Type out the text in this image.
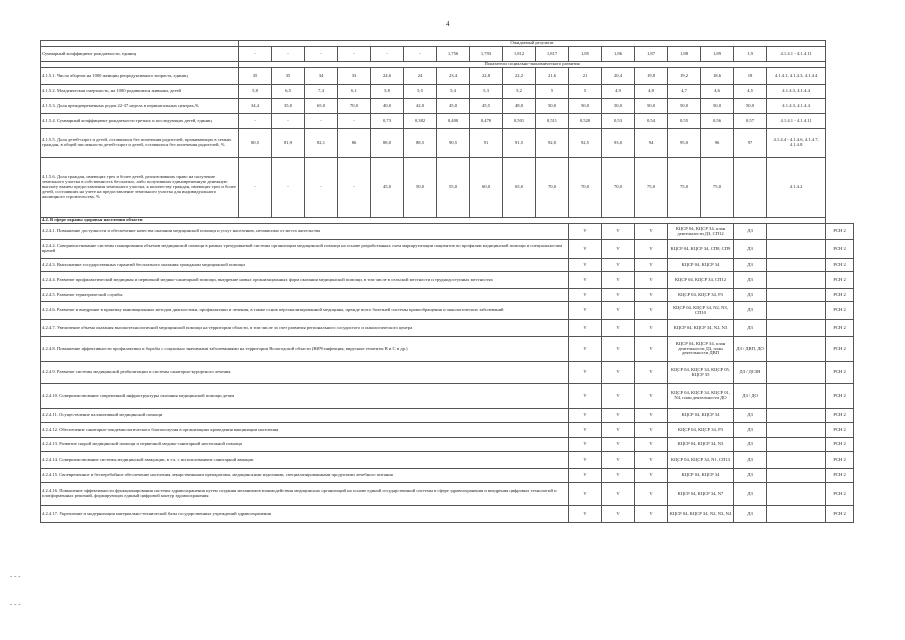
4
- - -
- - -
	Ожидаемый результат																	
Суммарный коэффициент рождаемости, единиц	-	-	-	-	-	-	1,756	1,793	1,812	1,817	1,85	1,86	1,87	1,88	1,89	1,9	4.1.4.1 - 4.1.4.11	
	Показатели социально-экономического развития																	
4.1.5.1. Число абортов на 1000 женщин репродуктивного возраста, единиц	35	35	34	33	24,6	24	23,4	22,8	22,2	21,6	21	20,4	19,8	19,2	18,6	18	4.1.4.1, 4.1.4.3, 4.1.4.4	
4.1.5.2. Младенческая смертность, на 1000 родившихся живыми, детей	5,8	6,5	7,4	6,1	5,8	5,5	5,4	5,3	5,2	5	5	4,9	4,8	4,7	4,6	4,5	4.1.4.3, 4.1.4.4	
4.1.5.3. Доля преждевременных родов 22-37 недель в перинатальных центрах,%	34,4	35,0	65,0	70,0	40,0	42,0	45,0	45,5	48,0	50,0	50,0	50,0	50,0	50,0	50,0	50,0	4.1.4.3, 4.1.4.4	
4.1.5.4. Суммарный коэффициент рождаемости третьих и последующих детей, единиц	-	-	-	-	0,73	0,382	0,400	0,470	0,501	0,511	0,520	0,53	0,54	0,55	0,56	0,57	4.1.4.1 - 4.1.4.11	
4.1.5.5. Доля детей-сирот и детей, оставшихся без попечения родителей, проживающих в семьях граждан, в общей численности детей-сирот и детей, оставшихся без попечения родителей, %	80,5	81,9	82,1	86	88,0	88,5	90,5	91	91,5	92,0	92,5	93,0	94	95,0	96	97	4.1.4.4 - 4.1.4.6, 4.1.4.7, 4.1.4.8	
4.1.5.6. Доля граждан, имеющих трех и более детей, реализовавших право на получение земельного участка в собственность бесплатно, либо получивших единовременную денежную выплату взамен предоставления земельного участка, к количеству граждан, имеющих трех и более детей, состоявших на учете на предоставление земельного участка для индивидуального жилищного строительства, %	-	-	-	-	45,0	50,0	55,0	60,0	65,0	70,0	70,0	70,0	75,0	75,0	75,0		4.1.4.2	
4.2. В сфере охраны здоровья населения области																		
4.2.4.1. Повышение доступности и обеспечение качества оказания медицинской помощи и услуг населению, независимо от места жительства											V	V	V	КЦСР 04, КЦСР 34, план деятельности ДЗ, СП12		ДЗ		РСН 2
4.2.4.2. Совершенствование системы планирования объемов медицинской помощи в рамках трехуровневой системы организации медицинской помощи на основе разработанных схем маршрутизации пациентов по профилям медицинской помощи и специальностям врачей											V	V	V	КЦСР 04, КЦСР 34, СП8, СП9		ДЗ		РСН 2
4.2.4.3. Выполнение государственных гарантий бесплатного оказания гражданам медицинской помощи											V	V	V	КЦСР 04, КЦСР 34		ДЗ		РСН 2
4.2.4.4. Развитие профилактической медицины и первичной медико-санитарной помощи, внедрение новых организационных форм оказания медицинской помощи, в том числе в сельской местности и труднодоступных местностях											V	V	V	КЦСР 04, КЦСР 34, СП12		ДЗ		РСН 2
4.2.4.5. Развитие гериатрической службы											V	V	V	КЦСР 04, КЦСР 34, Р3		ДЗ		РСН 2
4.2.4.6. Развитие и внедрение в практику инновационных методов диагностики, профилактики и лечения, в также основ персонализированной медицины, прежде всего болезней системы кровообращения и онкологических заболеваний											V	V	V	КЦСР 04, КЦСР 34, N2, N3, СП10		ДЗ		РСН 2
4.2.4.7. Увеличение объема оказания высокотехнологичной медицинской помощи на территории области, в том числе за счет развития регионального сосудистого и онкологического центра											V	V	V	КЦСР 04, КЦСР 34, N2, N3		ДЗ		РСН 2
4.2.4.8. Повышение эффективности профилактики и борьбы с социально значимыми заболеваниями на территории Вологодской области (ВИЧ-инфекция, вирусные гепатиты В и С и др.)											V	V	V	КЦСР 04, КЦСР 34, план деятельности ДЗ, план деятельности ДВП		ДЗ / ДВП, ДО		РСН 2
4.2.4.9. Развитие системы медицинской реабилитации и системы санаторно-курортного лечения											V	V	V	КЦСР 04, КЦСР 34, КЦСР 05, КЦСР 35		ДЗ / ДСЗН		РСН 2
4.2.4.10. Совершенствование современной инфраструктуры оказания медицинской помощи детям											V	V	V	КЦСР 04, КЦСР 34, КЦСР 01, N4, план деятельности ДО		ДЗ / ДО		РСН 2
4.2.4.11. Осуществление паллиативной медицинской помощи											V	V	V	КЦСР 04, КЦСР 34		ДЗ		РСН 2
4.2.4.12. Обеспечение санитарно-эпидемиологического благополучия в организациях кроведения вакцинации населения											V	V	V	КЦСР 04, КЦСР 34, Р3		ДЗ		РСН 2
4.2.4.13. Развитие скорой медицинской помощи и первичной медико-санитарной неотложной помощи											V	V	V	КЦСР 04, КЦСР 34, N3		ДЗ		РСН 2
4.2.4.14. Совершенствование системы медицинской эвакуации, в т.ч. с использованием санитарной авиации											V	V	V	КЦСР 04, КЦСР 34, N1, СП13		ДЗ		РСН 2
4.2.4.15. Своевременное и бесперебойное обеспечение населения лекарственными препаратами, медицинскими изделиями, специализированными продуктами лечебного питания											V	V	V	КЦСР 04, КЦСР 34		ДЗ		РСН 2
4.2.4.16. Повышение эффективности функционирования системы здравоохранения путем создания механизмов взаимодействия медицинских организаций на основе единой государственной системы в сфере здравоохранения и внедрения цифровых технологий и платформенных решений, формирующих единый цифровой контур здравоохранения											V	V	V	КЦСР 04, КЦСР 34, N7		ДЗ		РСН 2
4.2.4.17. Укрепление и модернизация материально-технической базы государственных учреждений здравоохранения											V	V	V	КЦСР 04, КЦСР 34, N2, N3, N4		ДЗ		РСН 2
